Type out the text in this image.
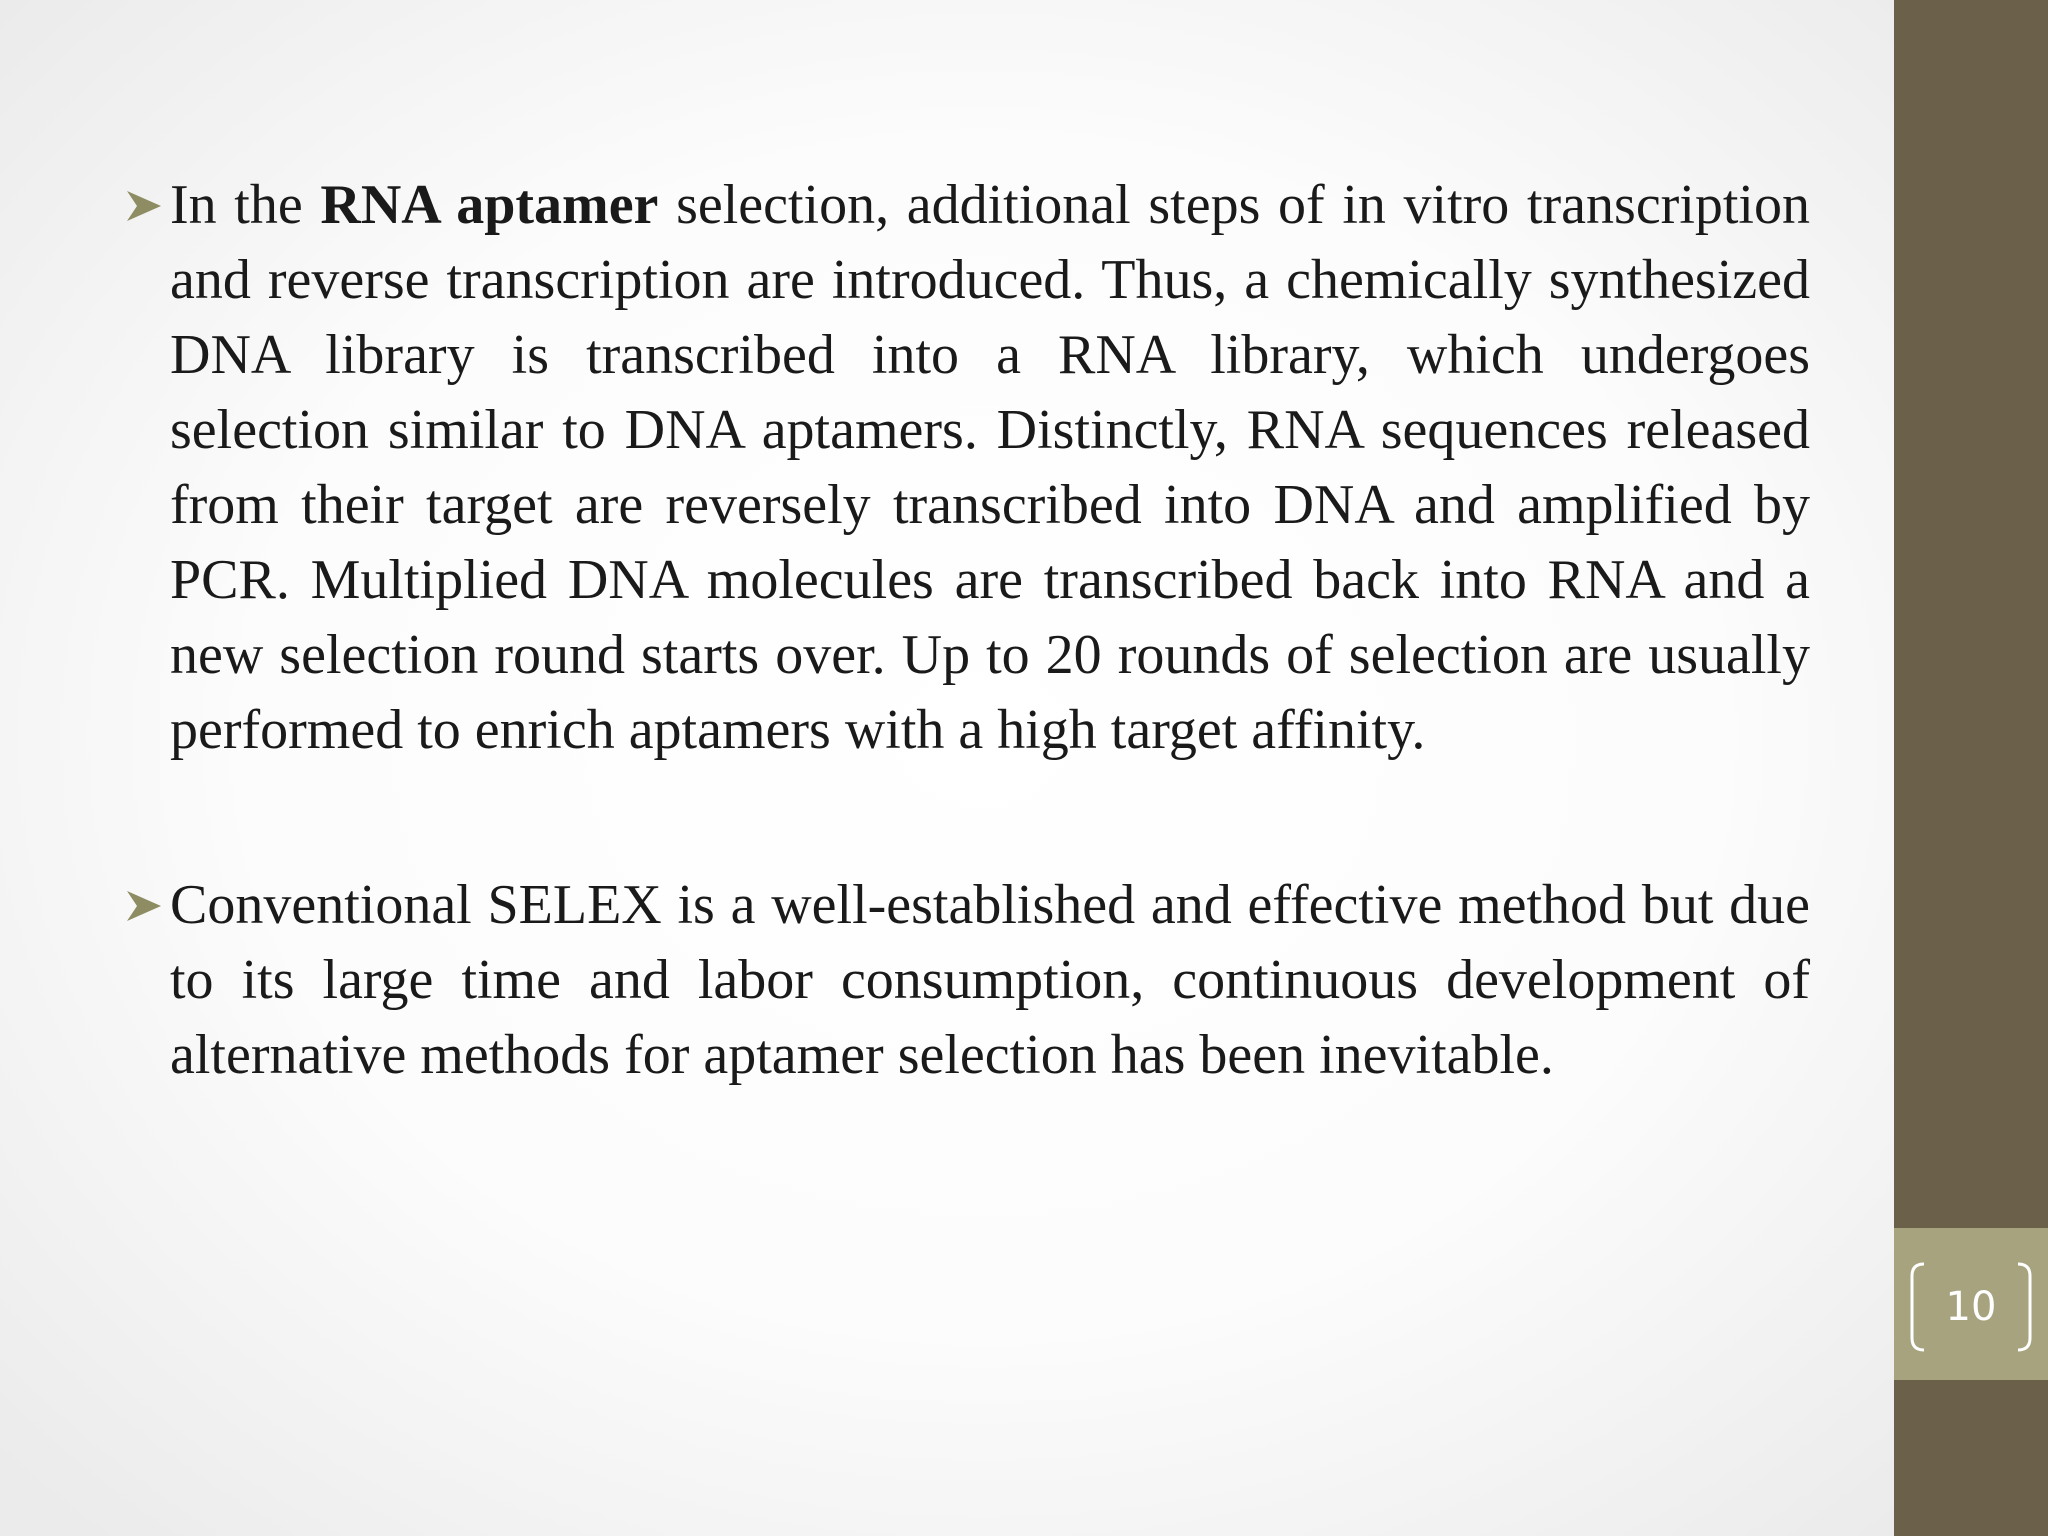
10
In the RNA aptamer selection, additional steps of in vitro transcription and reverse transcription are introduced. Thus, a chemically synthesized DNA library is transcribed into a RNA library, which undergoes selection similar to DNA aptamers. Distinctly, RNA sequences released from their target are reversely transcribed into DNA and amplified by PCR. Multiplied DNA molecules are transcribed back into RNA and a new selection round starts over. Up to 20 rounds of selection are usually performed to enrich aptamers with a high target affinity.
Conventional SELEX is a well-established and effective method but due to its large time and labor consumption, continuous development of alternative methods for aptamer selection has been inevitable.
